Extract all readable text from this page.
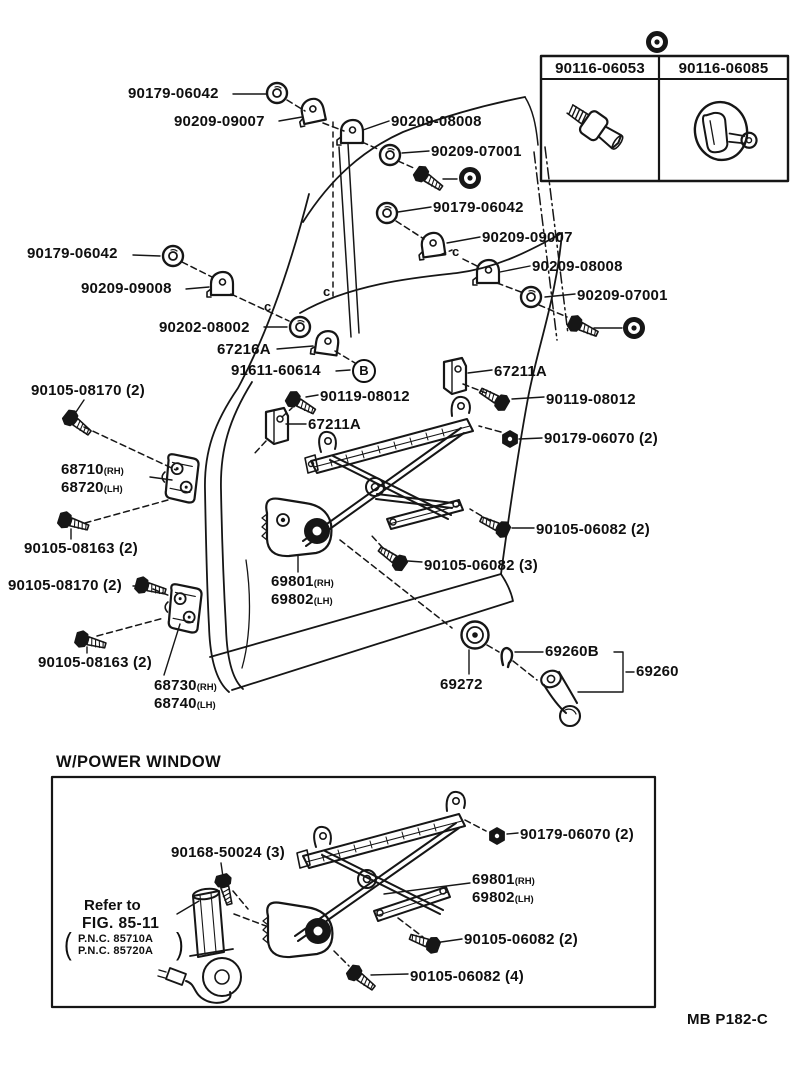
90116-06053	90116-06085
W/POWER WINDOW
Refer to
FIG. 85-11
P.N.C. 85710A
P.N.C. 85720A
(	)
MB P182-C
90179-06042
90209-09007	90209-08008
90209-07001
90179-06042
90209-09007
90209-08008
90209-07001
90179-06042
90209-09008
90202-08002
67216A
91611-60614
90119-08012
67211A
67211A
90119-08012
90179-06070 (2)
90105-08170 (2)
68710(RH)
68720(LH)
90105-08163 (2)
90105-08170 (2)
90105-08163 (2)
68730(RH)
68740(LH)
69801(RH)
69802(LH)
90105-06082 (2)
90105-06082 (3)
69272
69260B
69260
90168-50024 (3)
90179-06070 (2)
69801(RH)
69802(LH)
90105-06082 (2)
90105-06082 (4)
B
c
c
c
